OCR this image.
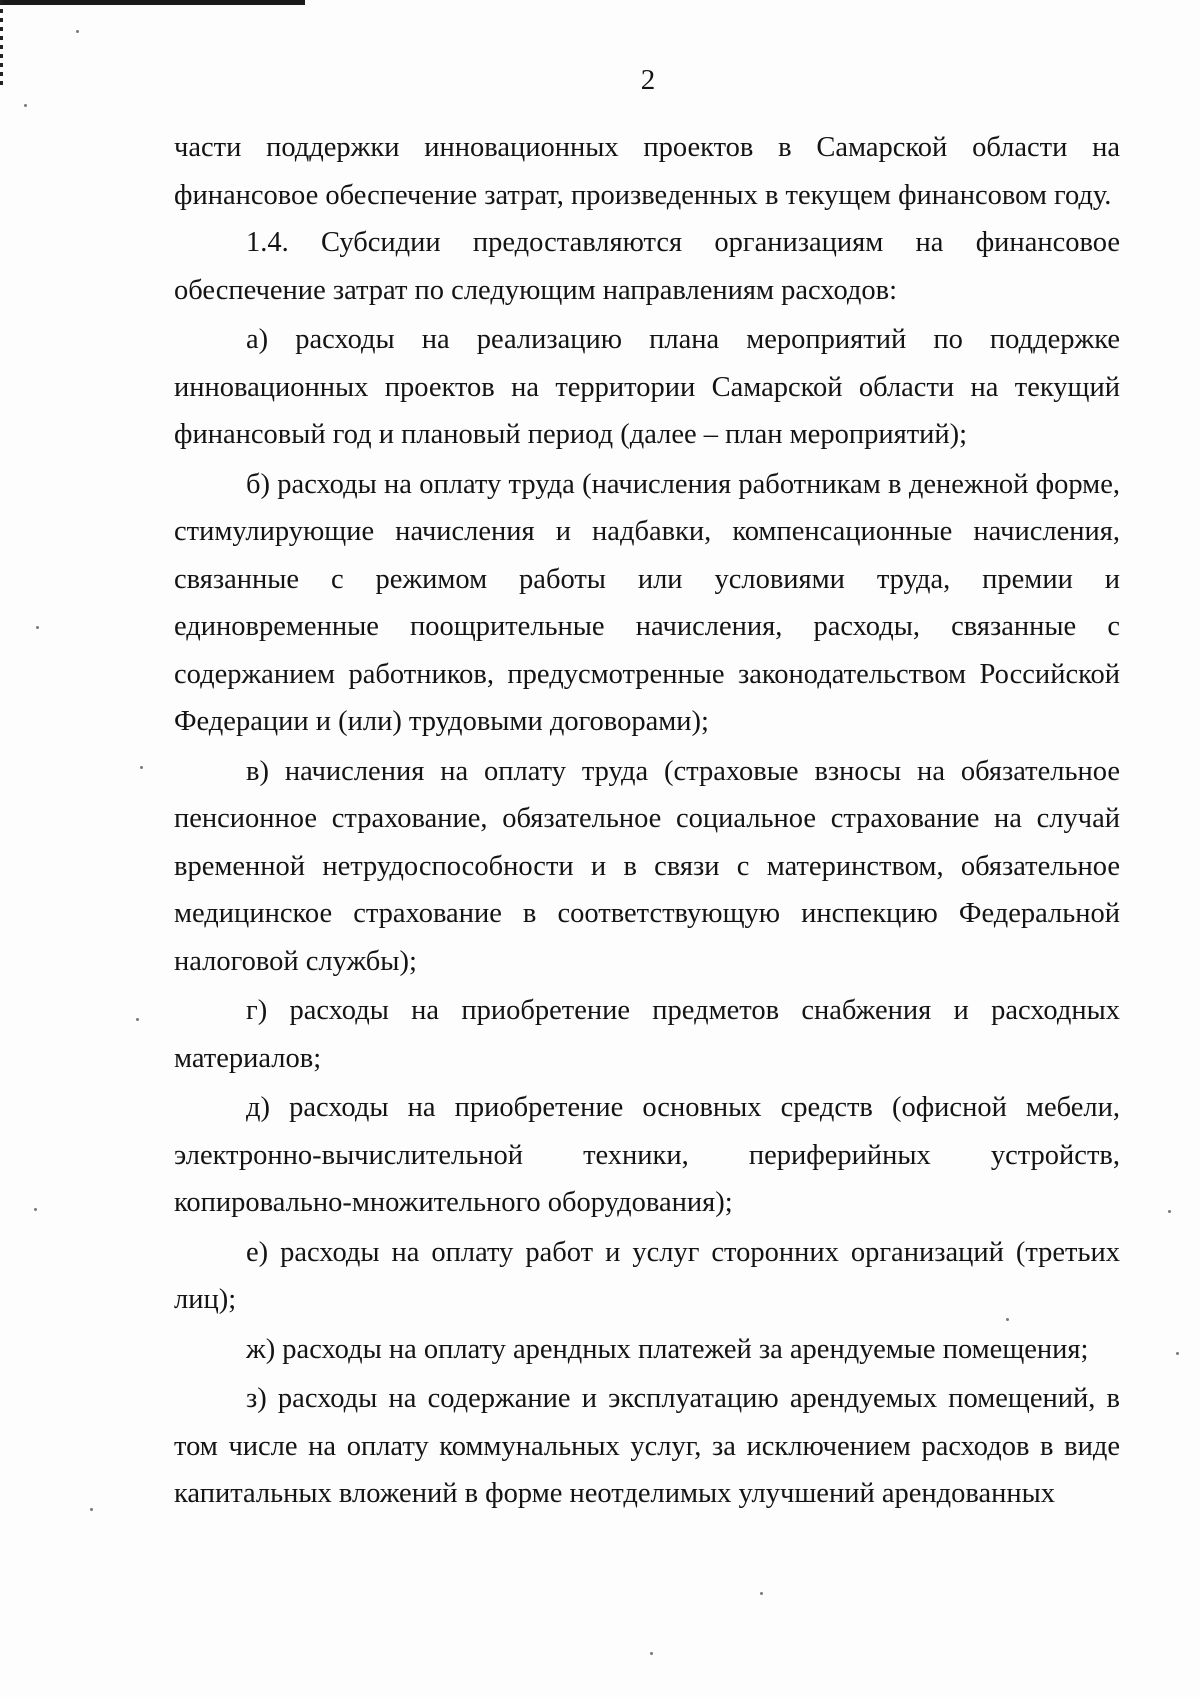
2

части поддержки инновационных проектов в Самарской области на финансовое обеспечение затрат, произведенных в текущем финансовом году.

1.4. Субсидии предоставляются организациям на финансовое обеспечение затрат по следующим направлениям расходов:

а) расходы на реализацию плана мероприятий по поддержке инновационных проектов на территории Самарской области на текущий финансовый год и плановый период (далее – план мероприятий);

б) расходы на оплату труда (начисления работникам в денежной форме, стимулирующие начисления и надбавки, компенсационные начисления, связанные с режимом работы или условиями труда, премии и единовременные поощрительные начисления, расходы, связанные с содержанием работников, предусмотренные законодательством Российской Федерации и (или) трудовыми договорами);

в) начисления на оплату труда (страховые взносы на обязательное пенсионное страхование, обязательное социальное страхование на случай временной нетрудоспособности и в связи с материнством, обязательное медицинское страхование в соответствующую инспекцию Федеральной налоговой службы);

г) расходы на приобретение предметов снабжения и расходных материалов;

д) расходы на приобретение основных средств (офисной мебели, электронно-вычислительной техники, периферийных устройств, копировально-множительного оборудования);

е) расходы на оплату работ и услуг сторонних организаций (третьих лиц);

ж) расходы на оплату арендных платежей за арендуемые помещения;

з) расходы на содержание и эксплуатацию арендуемых помещений, в том числе на оплату коммунальных услуг, за исключением расходов в виде капитальных вложений в форме неотделимых улучшений арендованных
